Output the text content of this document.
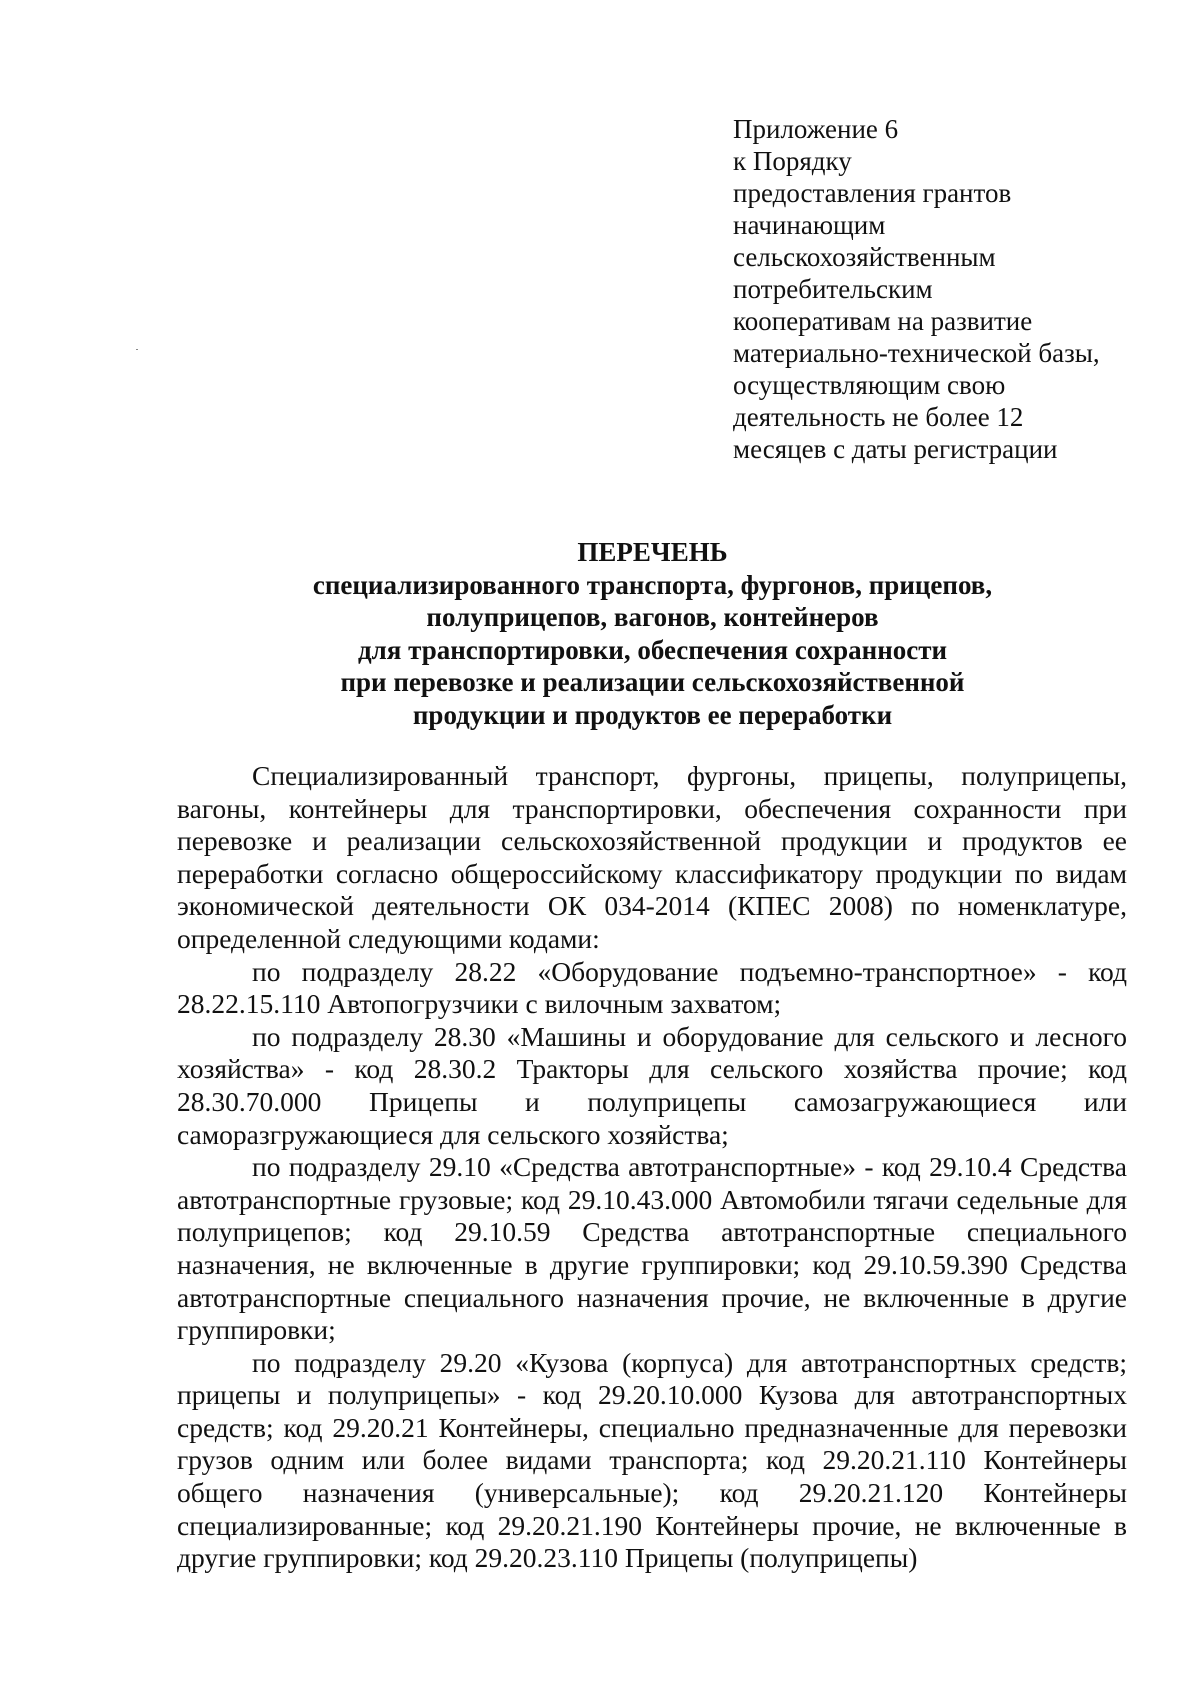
Приложение 6
к Порядку
предоставления грантов
начинающим
сельскохозяйственным
потребительским
кооперативам на развитие
материально-технической базы,
осуществляющим свою
деятельность не более 12
месяцев с даты регистрации
ПЕРЕЧЕНЬ
специализированного транспорта, фургонов, прицепов,
полуприцепов, вагонов, контейнеров
для транспортировки, обеспечения сохранности
при перевозке и реализации сельскохозяйственной
продукции и продуктов ее переработки

Специализированный транспорт, фургоны, прицепы, полуприцепы, вагоны, контейнеры для транспортировки, обеспечения сохранности при перевозке и реализации сельскохозяйственной продукции и продуктов ее переработки согласно общероссийскому классификатору продукции по видам экономической деятельности ОК 034-2014 (КПЕС 2008) по номенклатуре, определенной следующими кодами:

по подразделу 28.22 «Оборудование подъемно-транспортное» - код 28.22.15.110 Автопогрузчики с вилочным захватом;

по подразделу 28.30 «Машины и оборудование для сельского и лесного хозяйства» - код 28.30.2 Тракторы для сельского хозяйства прочие; код 28.30.70.000 Прицепы и полуприцепы самозагружающиеся или саморазгружающиеся для сельского хозяйства;

по подразделу 29.10 «Средства автотранспортные» - код 29.10.4 Средства автотранспортные грузовые; код 29.10.43.000 Автомобили тягачи седельные для полуприцепов; код 29.10.59 Средства автотранспортные специального назначения, не включенные в другие группировки; код 29.10.59.390 Средства автотранспортные специального назначения прочие, не включенные в другие группировки;

по подразделу 29.20 «Кузова (корпуса) для автотранспортных средств; прицепы и полуприцепы» - код 29.20.10.000 Кузова для автотранспортных средств; код 29.20.21 Контейнеры, специально предназначенные для перевозки грузов одним или более видами транспорта; код 29.20.21.110 Контейнеры общего назначения (универсальные); код 29.20.21.120 Контейнеры специализированные; код 29.20.21.190 Контейнеры прочие, не включенные в другие группировки; код 29.20.23.110 Прицепы (полуприцепы)
